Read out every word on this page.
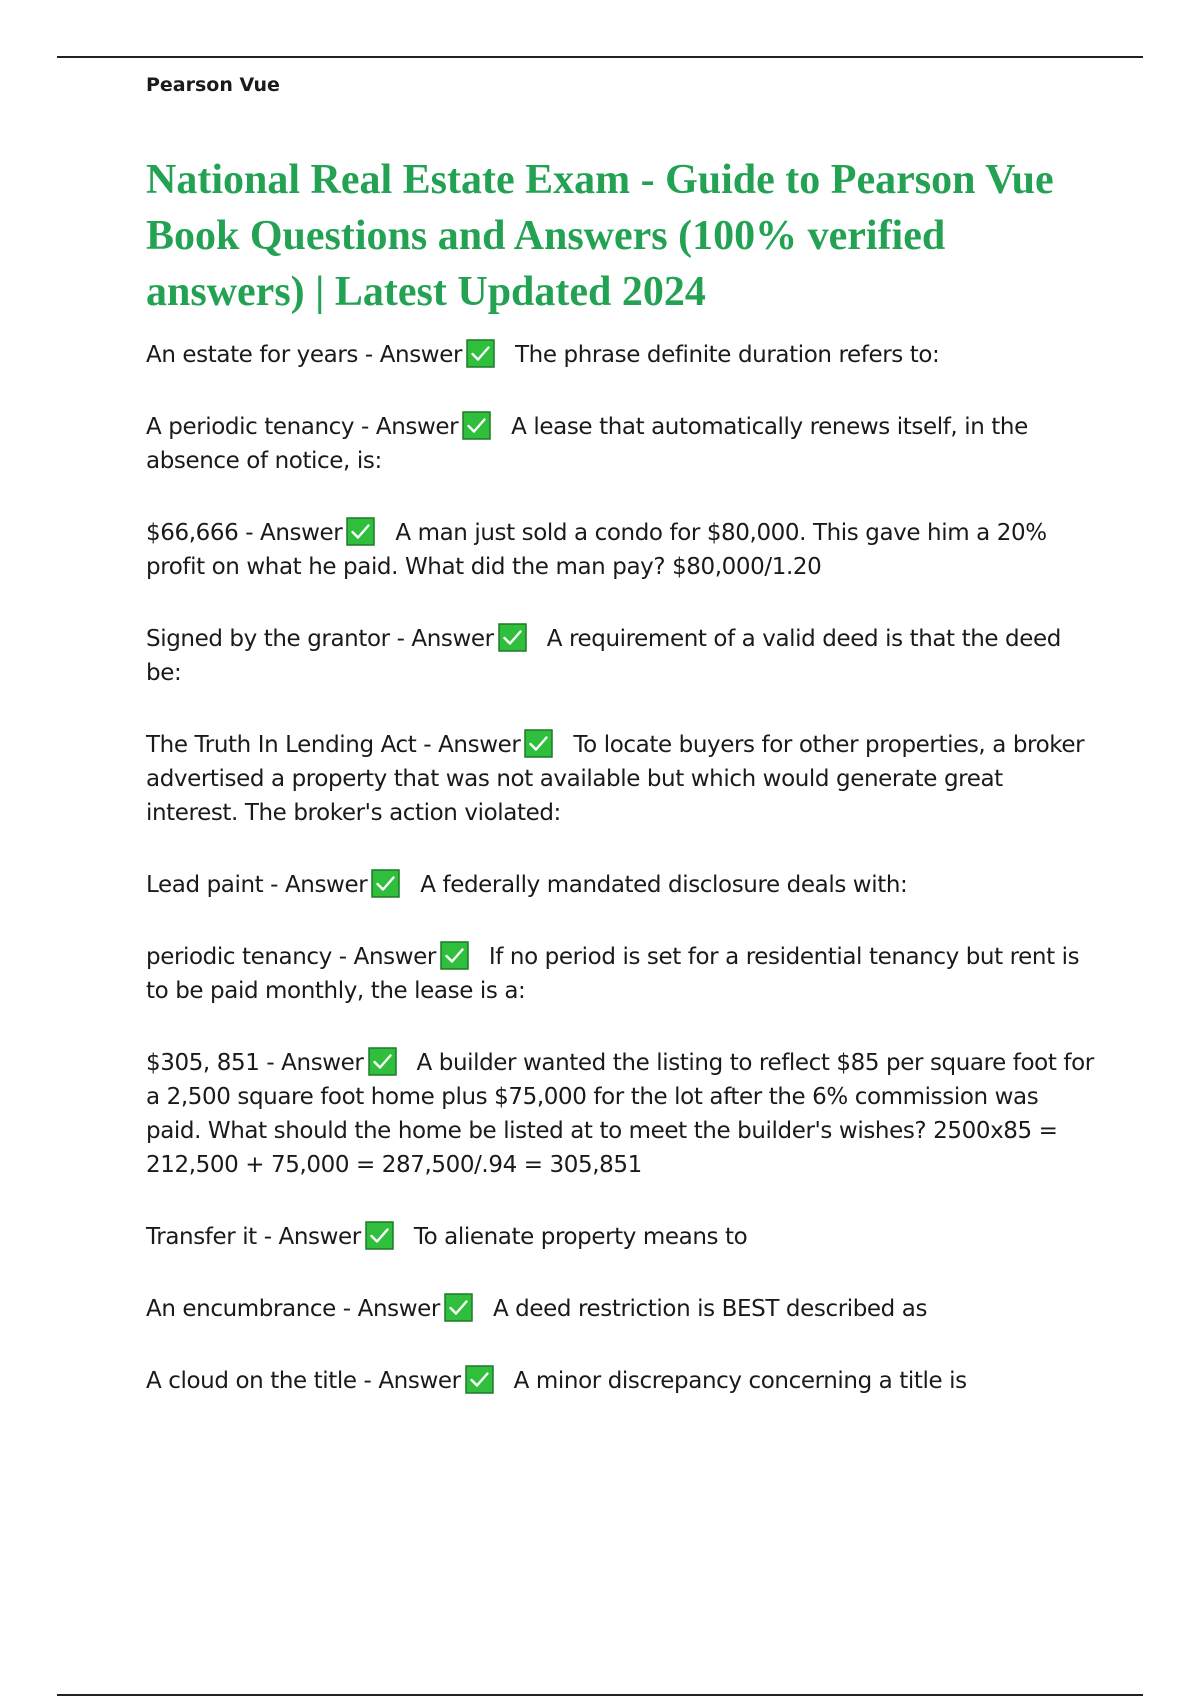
Pearson Vue
National Real Estate Exam - Guide to Pearson Vue Book Questions and Answers (100% verified answers) | Latest Updated 2024
An estate for years - Answer The phrase definite duration refers to:
A periodic tenancy - Answer A lease that automatically renews itself, in the absence of notice, is:
$66,666 - Answer A man just sold a condo for $80,000. This gave him a 20% profit on what he paid. What did the man pay? $80,000/1.20
Signed by the grantor - Answer A requirement of a valid deed is that the deed be:
The Truth In Lending Act - Answer To locate buyers for other properties, a broker advertised a property that was not available but which would generate great interest. The broker's action violated:
Lead paint - Answer A federally mandated disclosure deals with:
periodic tenancy - Answer If no period is set for a residential tenancy but rent is to be paid monthly, the lease is a:
$305, 851 - Answer A builder wanted the listing to reflect $85 per square foot for a 2,500 square foot home plus $75,000 for the lot after the 6% commission was paid. What should the home be listed at to meet the builder's wishes? 2500x85 = 212,500 + 75,000 = 287,500/.94 = 305,851
Transfer it - Answer To alienate property means to
An encumbrance - Answer A deed restriction is BEST described as
A cloud on the title - Answer A minor discrepancy concerning a title is
